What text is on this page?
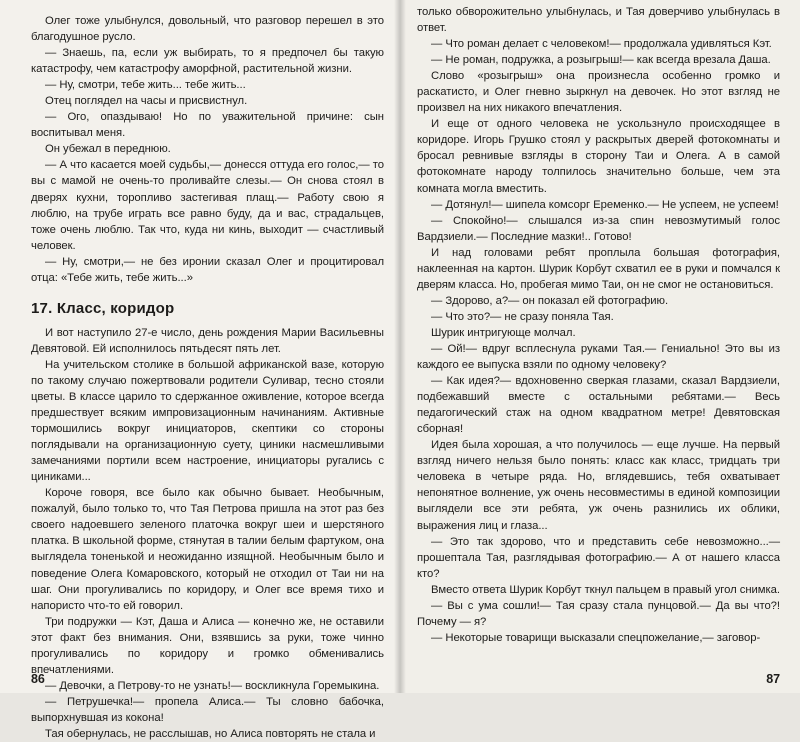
Олег тоже улыбнулся, довольный, что разговор перешел в это благодушное русло.

— Знаешь, па, если уж выбирать, то я предпочел бы такую катастрофу, чем катастрофу аморфной, растительной жизни.

— Ну, смотри, тебе жить... тебе жить...

Отец поглядел на часы и присвистнул.

— Ого, опаздываю! Но по уважительной причине: сын воспитывал меня.

Он убежал в переднюю.

— А что касается моей судьбы,— донесся оттуда его голос,— то вы с мамой не очень-то проливайте слезы.— Он снова стоял в дверях кухни, торопливо застегивая плащ.— Работу свою я люблю, на трубе играть все равно буду, да и вас, страдальцев, тоже очень люблю. Так что, куда ни кинь, выходит — счастливый человек.

— Ну, смотри,— не без иронии сказал Олег и процитировал отца: «Тебе жить, тебе жить...»

17. Класс, коридор

И вот наступило 27-е число, день рождения Марии Васильевны Девятовой. Ей исполнилось пятьдесят пять лет.

На учительском столике в большой африканской вазе, которую по такому случаю пожертвовали родители Суливар, тесно стояли цветы. В классе царило то сдержанное оживление, которое всегда предшествует всяким импровизационным начинаниям. Активные тормошились вокруг инициаторов, скептики со стороны поглядывали на организационную суету, циники насмешливыми замечаниями портили всем настроение, инициаторы ругались с циниками...

Короче говоря, все было как обычно бывает. Необычным, пожалуй, было только то, что Тая Петрова пришла на этот раз без своего надоевшего зеленого платочка вокруг шеи и шерстяного платка. В школьной форме, стянутая в талии белым фартуком, она выглядела тоненькой и неожиданно изящной. Необычным было и поведение Олега Комаровского, который не отходил от Таи ни на шаг. Они прогуливались по коридору, и Олег все время тихо и напористо что-то ей говорил.

Три подружки — Кэт, Даша и Алиса — конечно же, не оставили этот факт без внимания. Они, взявшись за руки, тоже чинно прогуливались по коридору и громко обменивались впечатлениями.

— Девочки, а Петрову-то не узнать!— воскликнула Горемыкина.

— Петрушечка!— пропела Алиса.— Ты словно бабочка, выпорхнувшая из кокона!

Тая обернулась, не расслышав, но Алиса повторять не стала и

86

только обворожительно улыбнулась, и Тая доверчиво улыбнулась в ответ.

— Что роман делает с человеком!— продолжала удивляться Кэт.

— Не роман, подружка, а розыгрыш!— как всегда врезала Даша.

Слово «розыгрыш» она произнесла особенно громко и раскатисто, и Олег гневно зыркнул на девочек. Но этот взгляд не произвел на них никакого впечатления.

И еще от одного человека не ускользнуло происходящее в коридоре. Игорь Грушко стоял у раскрытых дверей фотокомнаты и бросал ревнивые взгляды в сторону Таи и Олега. А в самой фотокомнате народу толпилось значительно больше, чем эта комната могла вместить.

— Дотянул!— шипела комсорг Еременко.— Не успеем, не успеем!

— Спокойно!— слышался из-за спин невозмутимый голос Вардзиели.— Последние мазки!.. Готово!

И над головами ребят проплыла большая фотография, наклеенная на картон. Шурик Корбут схватил ее в руки и помчался к дверям класса. Но, пробегая мимо Таи, он не смог не остановиться.

— Здорово, а?— он показал ей фотографию.

— Что это?— не сразу поняла Тая.

Шурик интригующе молчал.

— Ой!— вдруг всплеснула руками Тая.— Гениально! Это вы из каждого ее выпуска взяли по одному человеку?

— Как идея?— вдохновенно сверкая глазами, сказал Вардзиели, подбежавший вместе с остальными ребятами.— Весь педагогический стаж на одном квадратном метре! Девятовская сборная!

Идея была хорошая, а что получилось — еще лучше. На первый взгляд ничего нельзя было понять: класс как класс, тридцать три человека в четыре ряда. Но, вглядевшись, тебя охватывает непонятное волнение, уж очень несовместимы в единой композиции выглядели все эти ребята, уж очень разнились их облики, выражения лиц и глаза...

— Это так здорово, что и представить себе невозможно...— прошептала Тая, разглядывая фотографию.— А от нашего класса кто?

Вместо ответа Шурик Корбут ткнул пальцем в правый угол снимка.

— Вы с ума сошли!— Тая сразу стала пунцовой.— Да вы что?! Почему — я?

— Некоторые товарищи высказали спецпожелание,— заговор-

87
